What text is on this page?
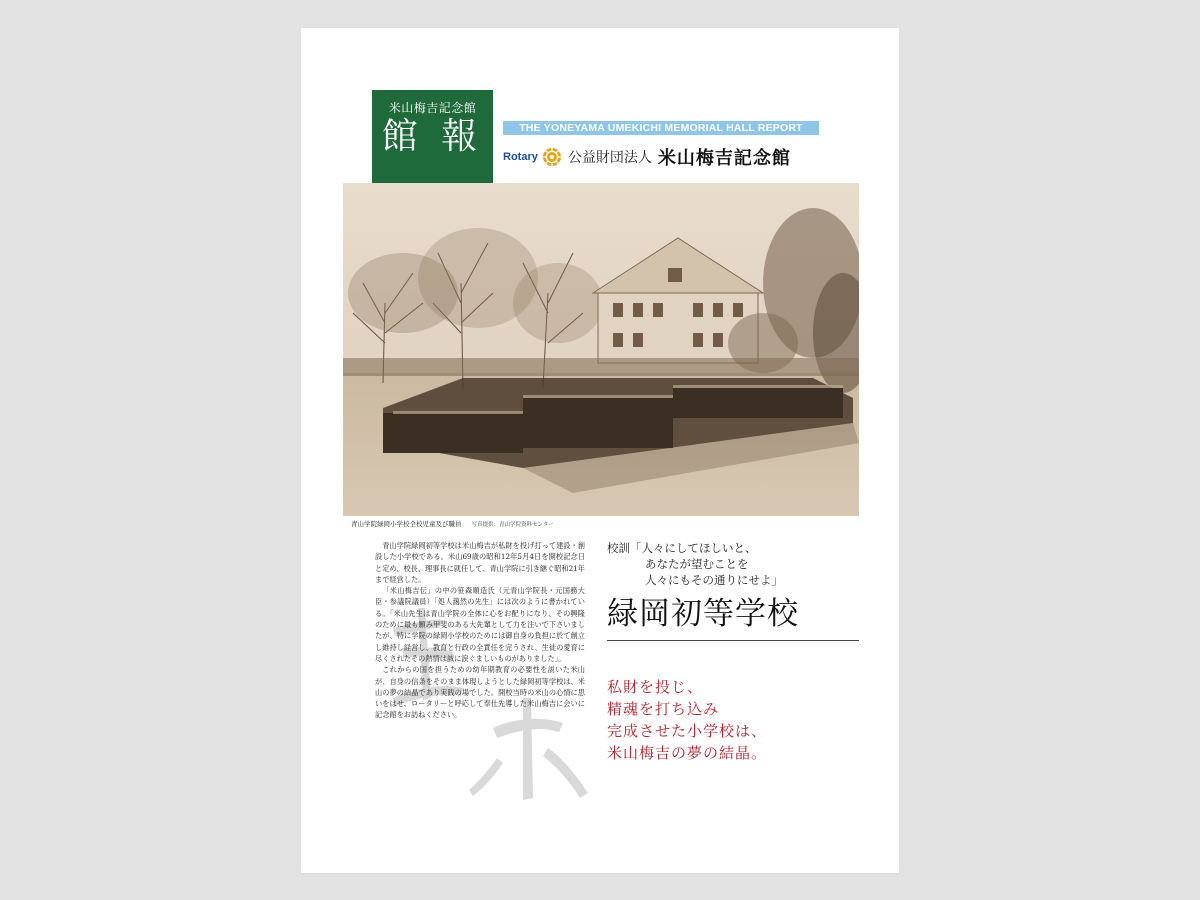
米山梅吉記念館
館 報	THE YONEYAMA UMEKICHI MEMORIAL HALL REPORT
Rotary 公益財団法人 米山梅吉記念館
青山学院緑岡小学校全校児童及び職員 写真提供：青山学院資料センター

青山学院緑岡初等学校は米山梅吉が私財を投げ打って建設・創設した小学校である。米山69歳の昭和12年5月4日を開校記念日と定め、校長、理事長に就任して、青山学院に引き継ぐ昭和21年まで経営した。

「米山梅吉伝」の中の笹森順造氏（元青山学院長・元国務大臣・参議院議員）「処人藹然の先生」には次のように書かれている。「米山先生は青山学院の全体に心をお配りになり、その興隆のために最も願み甲斐のある大先輩として力を注いで下さいましたが、特に学院の緑岡小学校のためには御自身の負担に於て創立し維持し経営し、教育と行政の全責任を完うされ、生徒の愛育に尽くされたその熱情は誠に涙ぐましいものがありました」。

これからの国を担うための幼年期教育の必要性を説いた米山が、自身の信条をそのまま体現しようとした緑岡初等学校は、米山の夢の結晶であり実践の場でした。開校当時の米山の心情に思いをはせ、ロータリーと呼応して奉仕先導した米山梅吉に会いに記念館をお訪ねください。

校訓「人々にしてほしいと、
あなたが望むことを
人々にもその通りにせよ」
緑岡初等学校
私財を投じ、
精魂を打ち込み
完成させた小学校は、
米山梅吉の夢の結晶。
